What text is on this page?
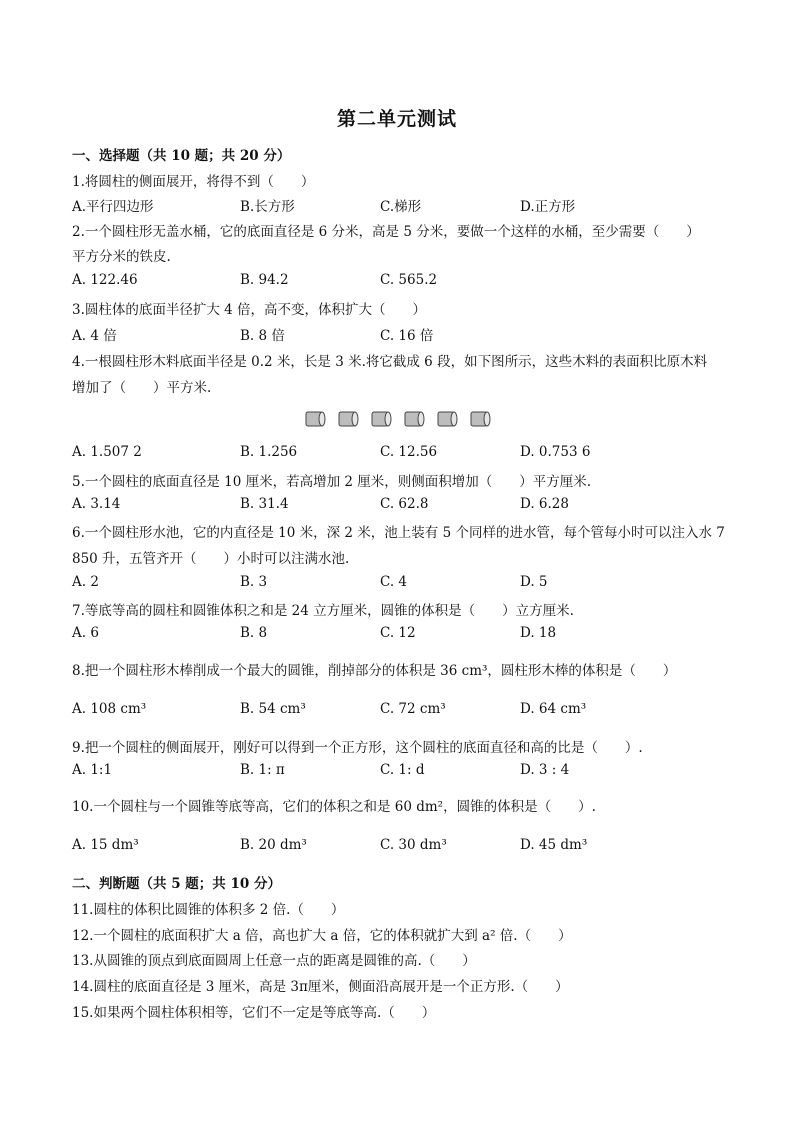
第二单元测试
一、选择题（共 10 题；共 20 分）
1.将圆柱的侧面展开，将得不到（　　）
A.平行四边形	B.长方形	C.梯形	D.正方形
2.一个圆柱形无盖水桶，它的底面直径是 6 分米，高是 5 分米，要做一个这样的水桶，至少需要（　　）
平方分米的铁皮.
A. 122.46	B. 94.2	C. 565.2
3.圆柱体的底面半径扩大 4 倍，高不变，体积扩大（　　）
A. 4 倍	B. 8 倍	C. 16 倍
4.一根圆柱形木料底面半径是 0.2 米，长是 3 米.将它截成 6 段，如下图所示，这些木料的表面积比原木料
增加了（　　）平方米.
A. 1.507 2	B. 1.256	C. 12.56	D. 0.753 6
5.一个圆柱的底面直径是 10 厘米，若高增加 2 厘米，则侧面积增加（　　）平方厘米.
A. 3.14	B. 31.4	C. 62.8	D. 6.28
6.一个圆柱形水池，它的内直径是 10 米，深 2 米，池上装有 5 个同样的进水管，每个管每小时可以注入水 7
850 升，五管齐开（　　）小时可以注满水池.
A. 2	B. 3	C. 4	D. 5
7.等底等高的圆柱和圆锥体积之和是 24 立方厘米，圆锥的体积是（　　）立方厘米.
A. 6	B. 8	C. 12	D. 18
8.把一个圆柱形木棒削成一个最大的圆锥，削掉部分的体积是 36 cm³，圆柱形木棒的体积是（　　）
A. 108 cm³	B. 54 cm³	C. 72 cm³	D. 64 cm³
9.把一个圆柱的侧面展开，刚好可以得到一个正方形，这个圆柱的底面直径和高的比是（　　）.
A. 1:1	B. 1: π	C. 1: d	D. 3 : 4
10.一个圆柱与一个圆锥等底等高，它们的体积之和是 60 dm²，圆锥的体积是（　　）.
A. 15 dm³	B. 20 dm³	C. 30 dm³	D. 45 dm³
二、判断题（共 5 题；共 10 分）
11.圆柱的体积比圆锥的体积多 2 倍.（　　）
12.一个圆柱的底面积扩大 a 倍，高也扩大 a 倍，它的体积就扩大到 a² 倍.（　　）
13.从圆锥的顶点到底面圆周上任意一点的距离是圆锥的高.（　　）
14.圆柱的底面直径是 3 厘米，高是 3π厘米，侧面沿高展开是一个正方形.（　　）
15.如果两个圆柱体积相等，它们不一定是等底等高.（　　）
